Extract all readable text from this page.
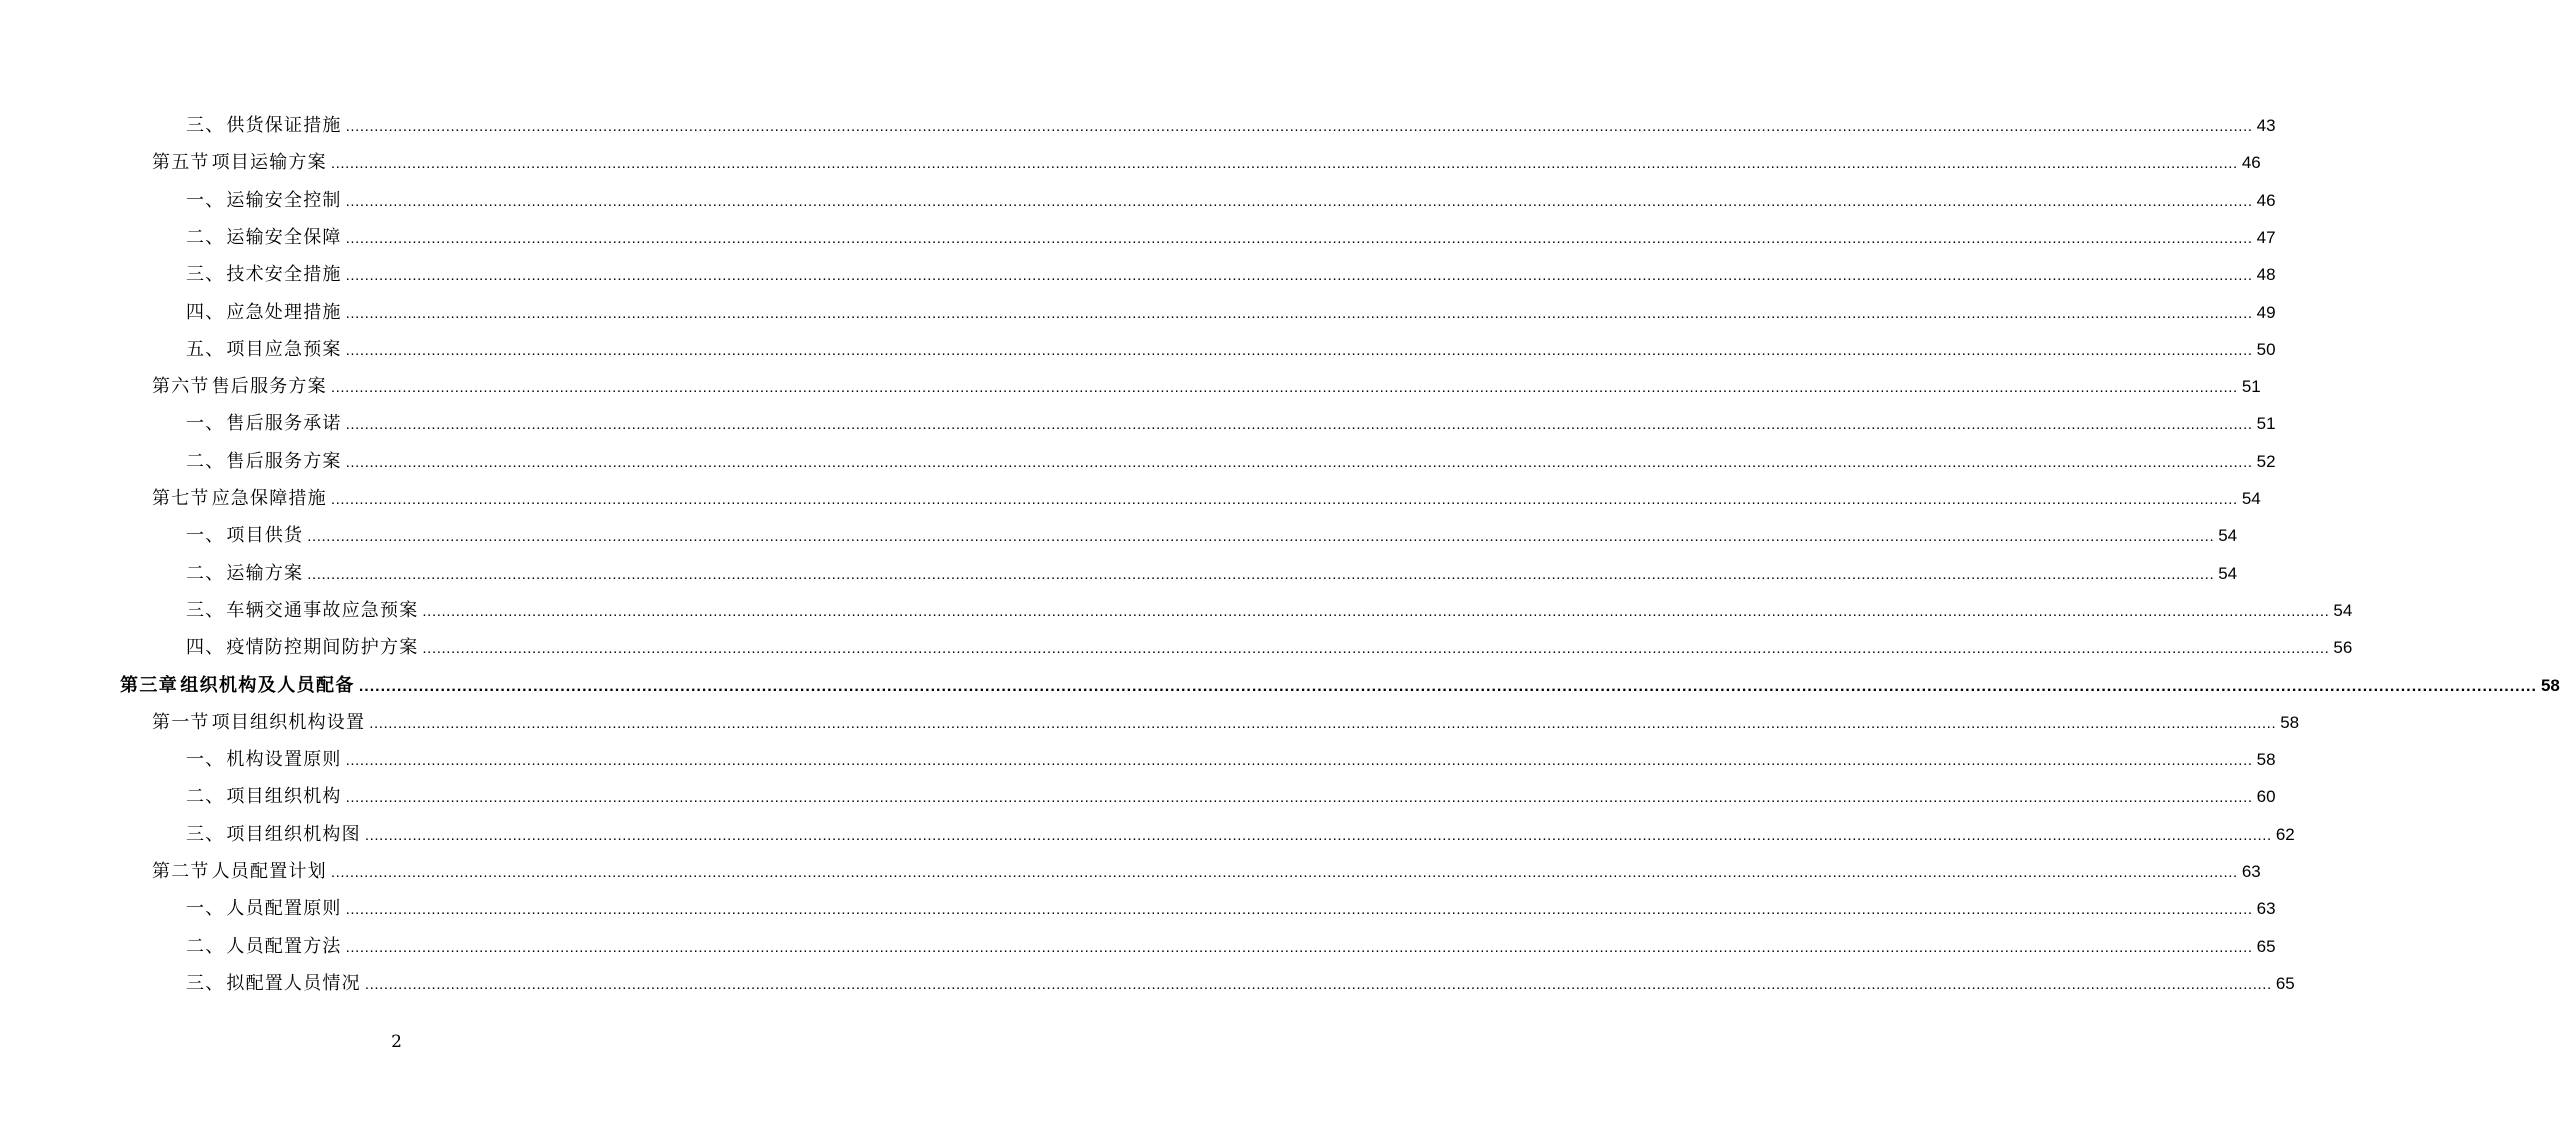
三、 供货保证措施 ................................................................................................................................................................................................................................................................................................................................................................................................................ 43
第五节 项目运输方案 ................................................................................................................................................................................................................................................................................................................................................................................................................ 46
一、 运输安全控制 ................................................................................................................................................................................................................................................................................................................................................................................................................ 46
二、 运输安全保障 ................................................................................................................................................................................................................................................................................................................................................................................................................ 47
三、 技术安全措施 ................................................................................................................................................................................................................................................................................................................................................................................................................ 48
四、 应急处理措施 ................................................................................................................................................................................................................................................................................................................................................................................................................ 49
五、 项目应急预案 ................................................................................................................................................................................................................................................................................................................................................................................................................ 50
第六节 售后服务方案 ................................................................................................................................................................................................................................................................................................................................................................................................................ 51
一、 售后服务承诺 ................................................................................................................................................................................................................................................................................................................................................................................................................ 51
二、 售后服务方案 ................................................................................................................................................................................................................................................................................................................................................................................................................ 52
第七节 应急保障措施 ................................................................................................................................................................................................................................................................................................................................................................................................................ 54
一、 项目供货 ................................................................................................................................................................................................................................................................................................................................................................................................................ 54
二、 运输方案 ................................................................................................................................................................................................................................................................................................................................................................................................................ 54
三、 车辆交通事故应急预案 ................................................................................................................................................................................................................................................................................................................................................................................................................ 54
四、 疫情防控期间防护方案 ................................................................................................................................................................................................................................................................................................................................................................................................................ 56
第三章 组织机构及人员配备 ................................................................................................................................................................................................................................................................................................................................................................................................................ 58
第一节 项目组织机构设置 ................................................................................................................................................................................................................................................................................................................................................................................................................ 58
一、 机构设置原则 ................................................................................................................................................................................................................................................................................................................................................................................................................ 58
二、 项目组织机构 ................................................................................................................................................................................................................................................................................................................................................................................................................ 60
三、 项目组织机构图 ................................................................................................................................................................................................................................................................................................................................................................................................................ 62
第二节 人员配置计划 ................................................................................................................................................................................................................................................................................................................................................................................................................ 63
一、 人员配置原则 ................................................................................................................................................................................................................................................................................................................................................................................................................ 63
二、 人员配置方法 ................................................................................................................................................................................................................................................................................................................................................................................................................ 65
三、 拟配置人员情况 ................................................................................................................................................................................................................................................................................................................................................................................................................ 65
2
